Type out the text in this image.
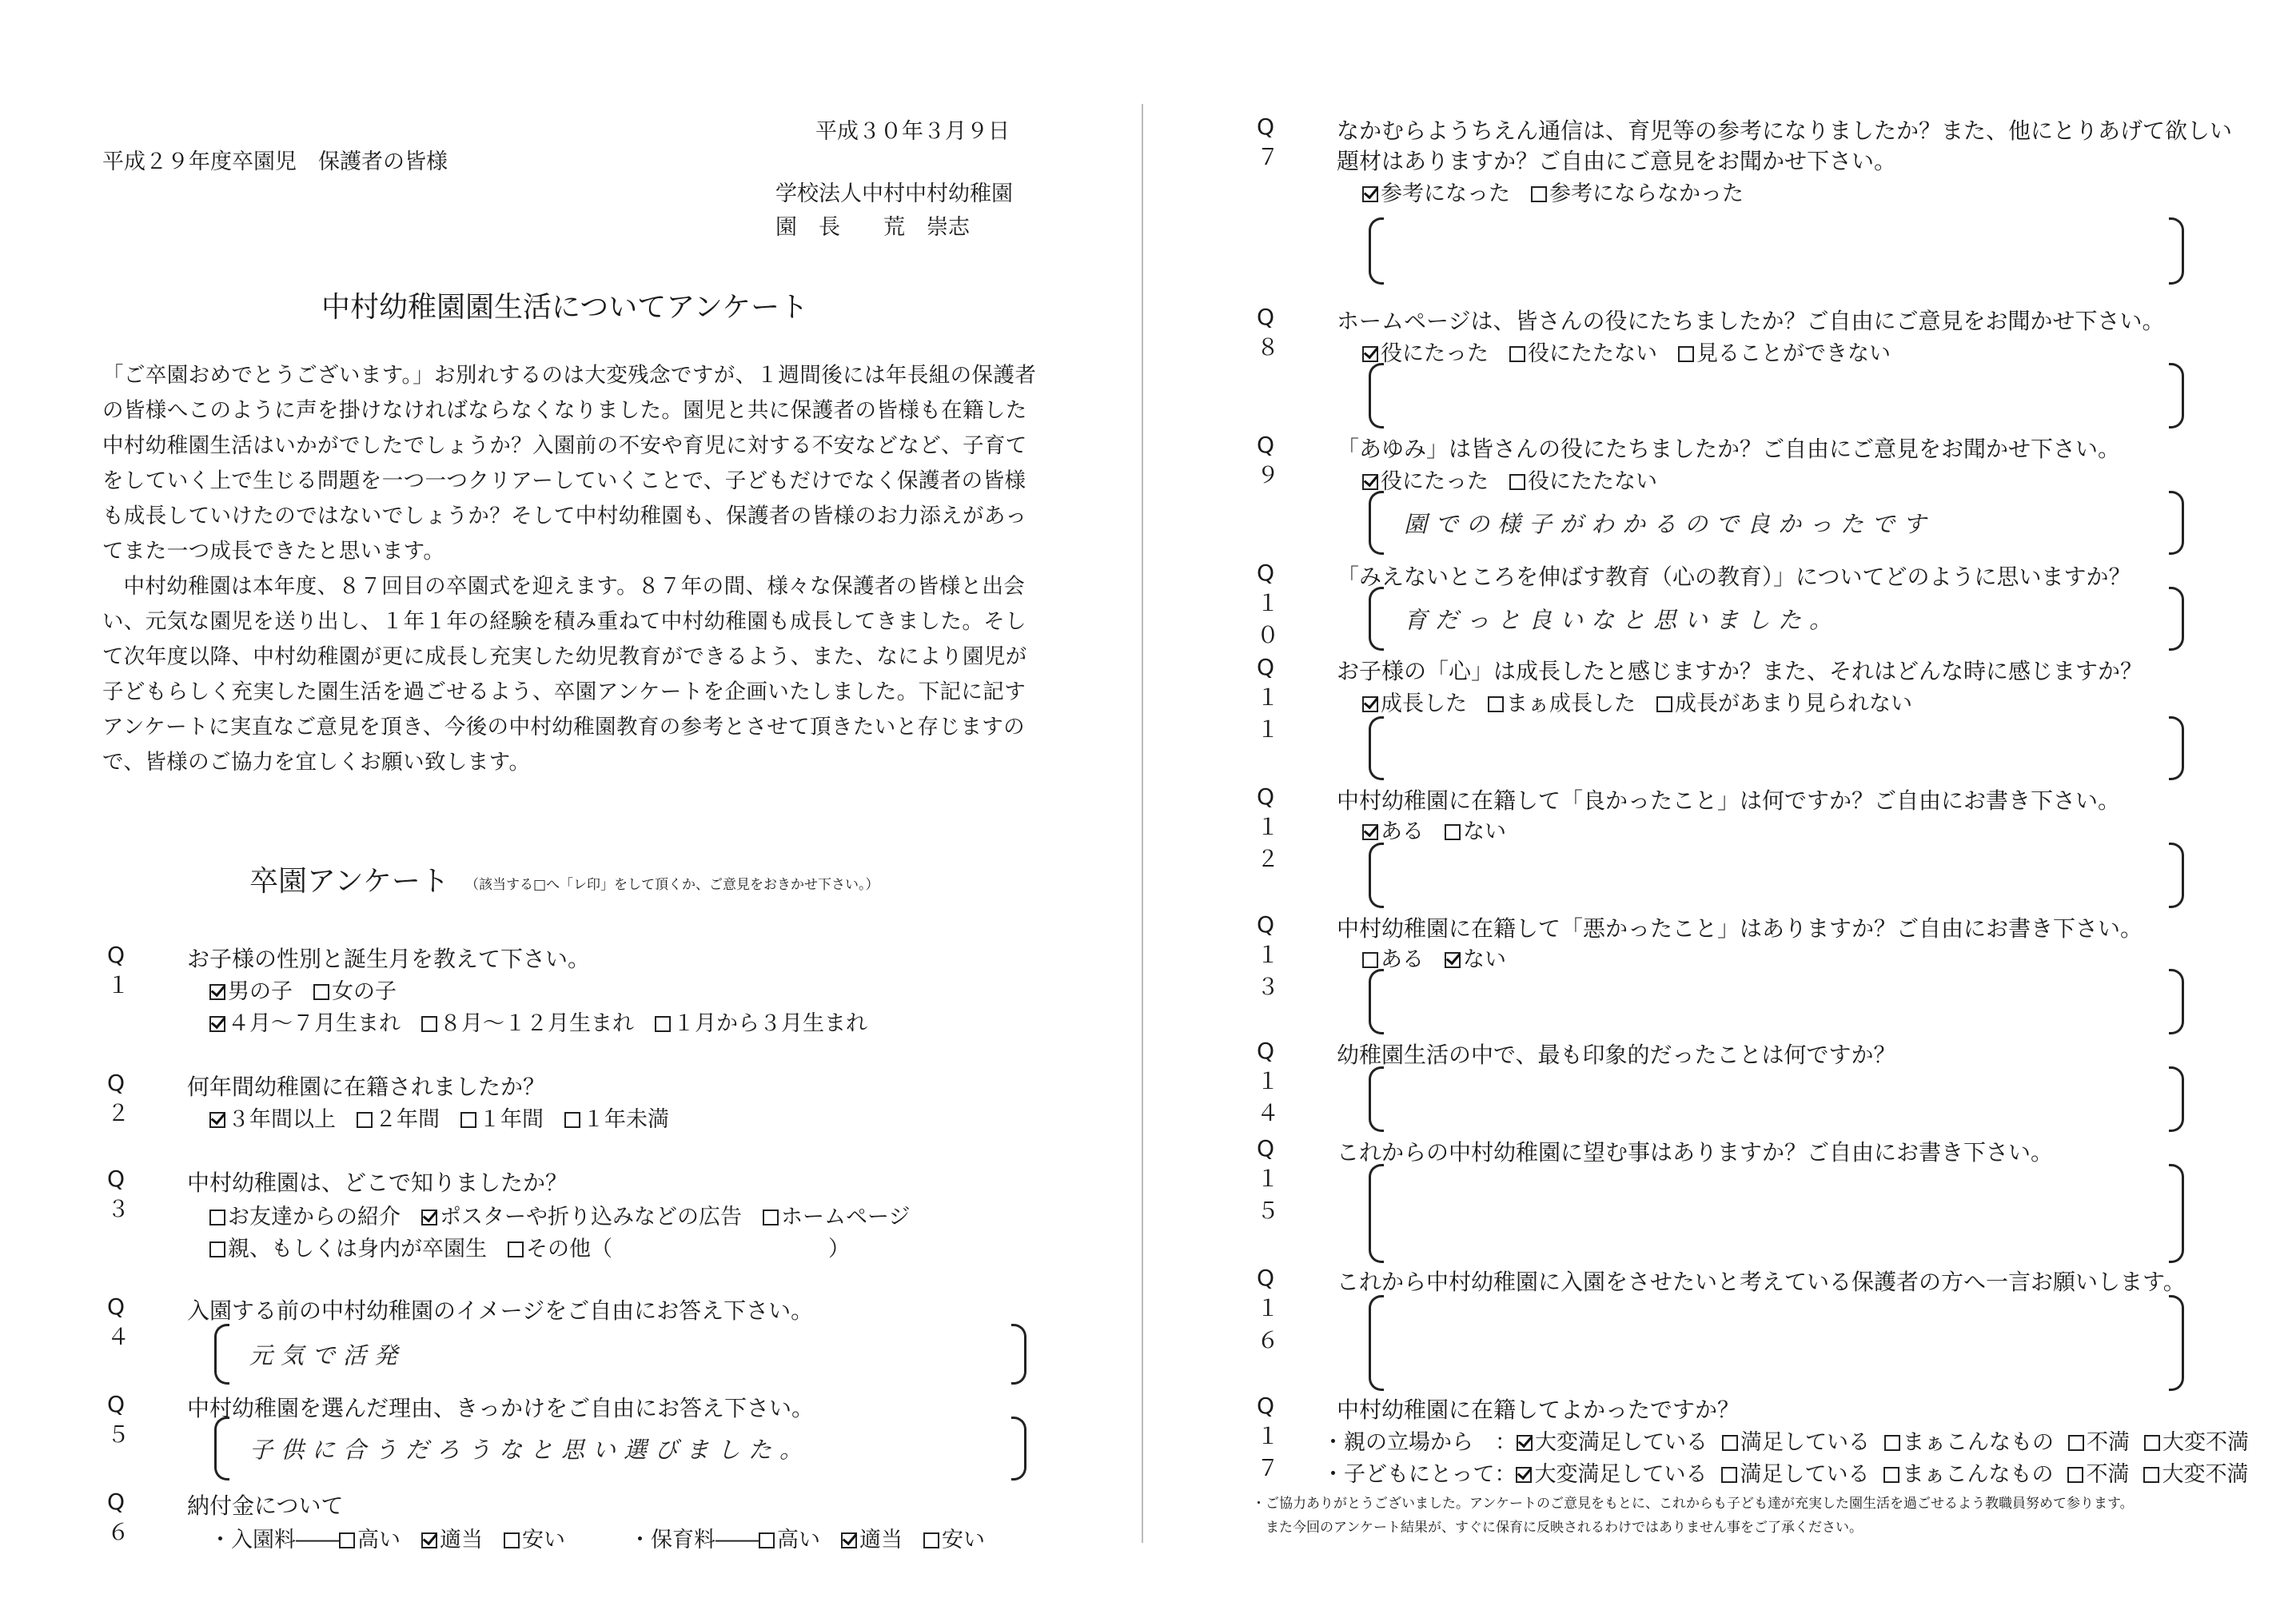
平成３０年３月９日
平成２９年度卒園児　保護者の皆様
学校法人中村中村幼稚園
園　長　　荒　崇志
中村幼稚園園生活についてアンケート

「ご卒園おめでとうございます。」お別れするのは大変残念ですが、１週間後には年長組の保護者の皆様へこのように声を掛けなければならなくなりました。園児と共に保護者の皆様も在籍した中村幼稚園生活はいかがでしたでしょうか？入園前の不安や育児に対する不安などなど、子育てをしていく上で生じる問題を一つ一つクリアーしていくことで、子どもだけでなく保護者の皆様も成長していけたのではないでしょうか？そして中村幼稚園も、保護者の皆様のお力添えがあってまた一つ成長できたと思います。

中村幼稚園は本年度、８７回目の卒園式を迎えます。８７年の間、様々な保護者の皆様と出会い、元気な園児を送り出し、１年１年の経験を積み重ねて中村幼稚園も成長してきました。そして次年度以降、中村幼稚園が更に成長し充実した幼児教育ができるよう、また、なにより園児が子どもらしく充実した園生活を過ごせるよう、卒園アンケートを企画いたしました。下記に記すアンケートに実直なご意見を頂き、今後の中村幼稚園教育の参考とさせて頂きたいと存じますので、皆様のご協力を宜しくお願い致します。

卒園アンケート （該当する□へ「レ印」をして頂くか、ご意見をおきかせ下さい。）
Q１
お子様の性別と誕生月を教えて下さい。
男の子 女の子
４月～７月生まれ ８月～１２月生まれ １月から３月生まれ
Q２
何年間幼稚園に在籍されましたか？
３年間以上 ２年間 １年間 １年未満
Q３
中村幼稚園は、どこで知りましたか？
お友達からの紹介 ポスターや折り込みなどの広告 ホームページ
親、もしくは身内が卒園生 その他（　　　　　　　　　　）
Q４
入園する前の中村幼稚園のイメージをご自由にお答え下さい。
元気で活発
Q５
中村幼稚園を選んだ理由、きっかけをご自由にお答え下さい。
子供に合うだろうなと思い選びました。
Q６
納付金について
・入園料―― 高い 適当 安い	・保育料―― 高い 適当 安い
Q７
なかむらようちえん通信は、育児等の参考になりましたか？また、他にとりあげて欲しい
題材はありますか？ご自由にご意見をお聞かせ下さい。
参考になった 参考にならなかった
Q８
ホームページは、皆さんの役にたちましたか？ご自由にご意見をお聞かせ下さい。
役にたった 役にたたない 見ることができない
Q９
「あゆみ」は皆さんの役にたちましたか？ご自由にご意見をお聞かせ下さい。
役にたった 役にたたない
園での様子がわかるので良かったです
Q１０
「みえないところを伸ばす教育（心の教育）」についてどのように思いますか？
育だっと良いなと思いました。
Q１１
お子様の「心」は成長したと感じますか？また、それはどんな時に感じますか？
成長した まぁ成長した 成長があまり見られない
Q１２
中村幼稚園に在籍して「良かったこと」は何ですか？ご自由にお書き下さい。
ある ない
Q１３
中村幼稚園に在籍して「悪かったこと」はありますか？ご自由にお書き下さい。
ある ない
Q１４
幼稚園生活の中で、最も印象的だったことは何ですか？
Q１５
これからの中村幼稚園に望む事はありますか？ご自由にお書き下さい。
Q１６
これから中村幼稚園に入園をさせたいと考えている保護者の方へ一言お願いします。
Q１７
中村幼稚園に在籍してよかったですか？
・親の立場から　： 大変満足している 満足している まぁこんなもの 不満 大変不満
・子どもにとって： 大変満足している 満足している まぁこんなもの 不満 大変不満
・ご協力ありがとうございました。アンケートのご意見をもとに、これからも子ども達が充実した園生活を過ごせるよう教職員努めて参ります。
　また今回のアンケート結果が、すぐに保育に反映されるわけではありません事をご了承ください。
